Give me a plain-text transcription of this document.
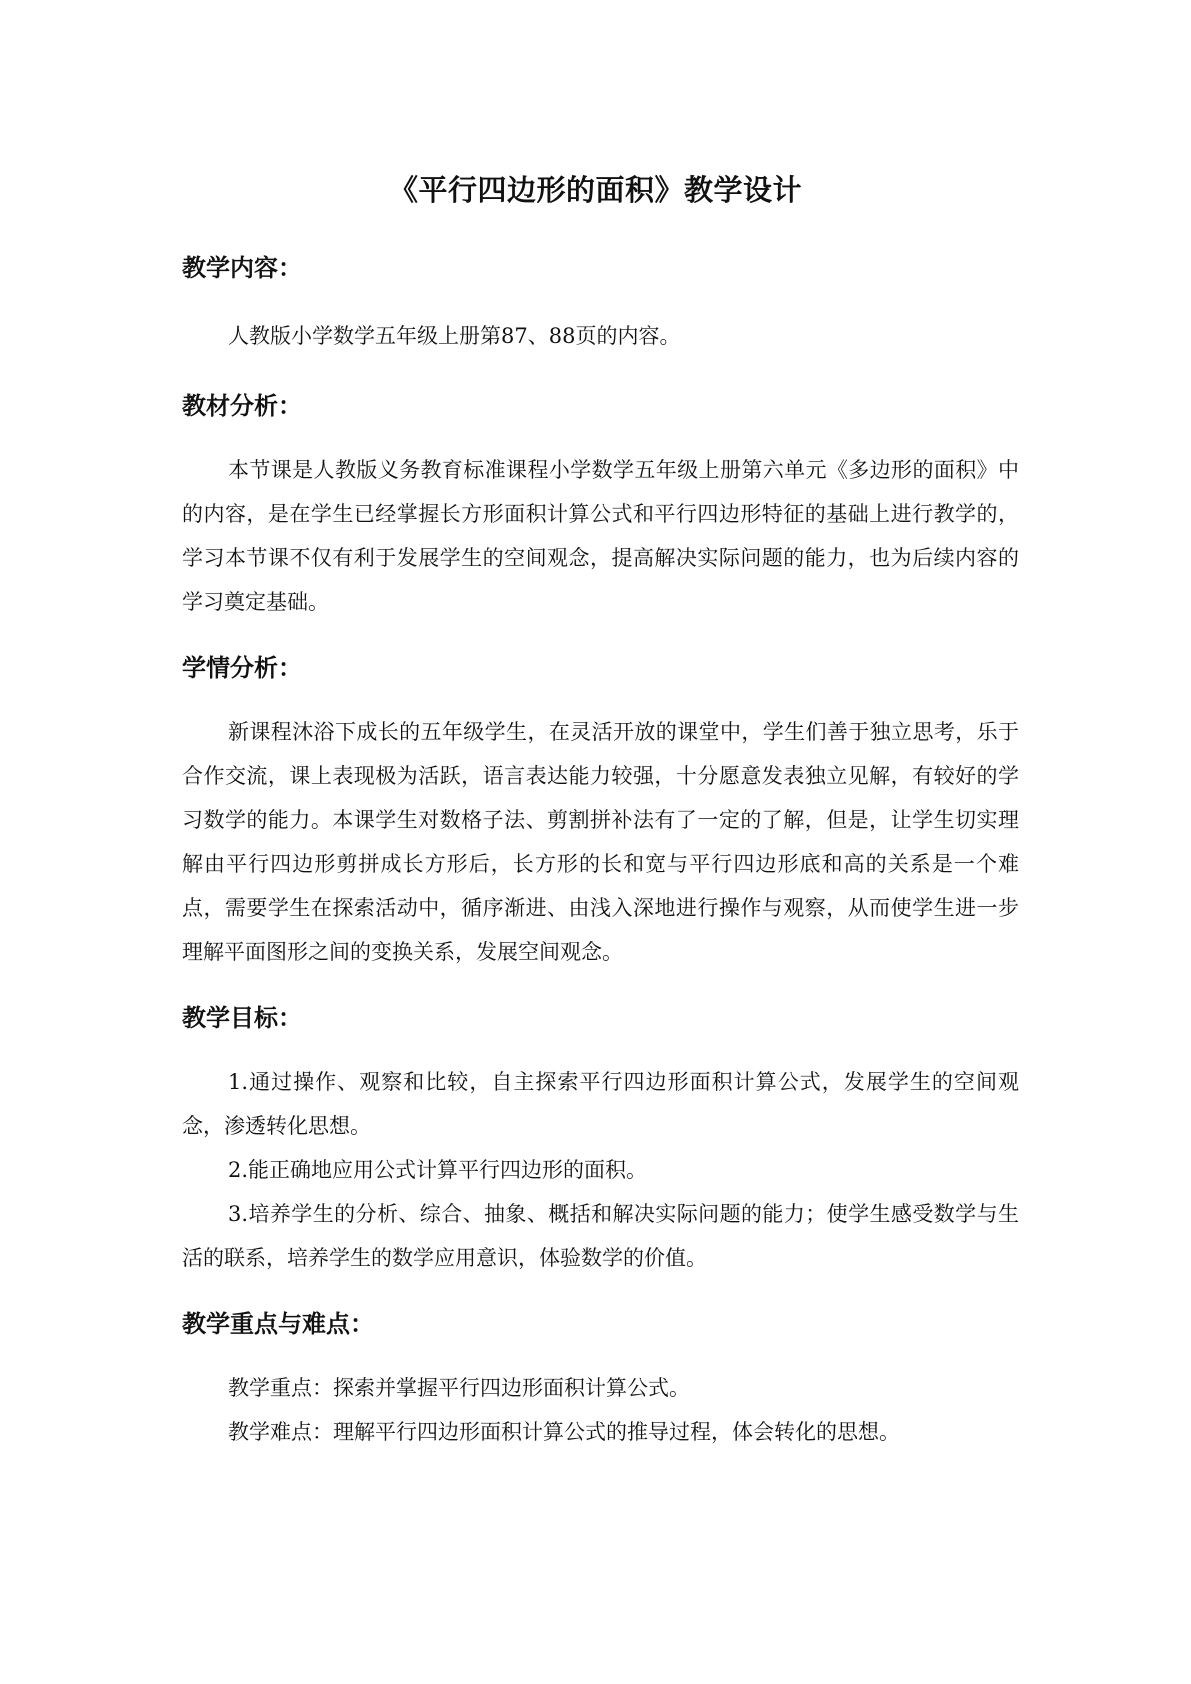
《平行四边形的面积》教学设计
教学内容：

人教版小学数学五年级上册第87、88页的内容。

教材分析：

本节课是人教版义务教育标准课程小学数学五年级上册第六单元《多边形的面积》中的内容，是在学生已经掌握长方形面积计算公式和平行四边形特征的基础上进行教学的，学习本节课不仅有利于发展学生的空间观念，提高解决实际问题的能力，也为后续内容的学习奠定基础。

学情分析：

新课程沐浴下成长的五年级学生，在灵活开放的课堂中，学生们善于独立思考，乐于合作交流，课上表现极为活跃，语言表达能力较强，十分愿意发表独立见解，有较好的学习数学的能力。本课学生对数格子法、剪割拼补法有了一定的了解，但是，让学生切实理解由平行四边形剪拼成长方形后，长方形的长和宽与平行四边形底和高的关系是一个难点，需要学生在探索活动中，循序渐进、由浅入深地进行操作与观察，从而使学生进一步理解平面图形之间的变换关系，发展空间观念。

教学目标：

1.通过操作、观察和比较，自主探索平行四边形面积计算公式，发展学生的空间观念，渗透转化思想。

2.能正确地应用公式计算平行四边形的面积。

3.培养学生的分析、综合、抽象、概括和解决实际问题的能力；使学生感受数学与生活的联系，培养学生的数学应用意识，体验数学的价值。

教学重点与难点：

教学重点：探索并掌握平行四边形面积计算公式。

教学难点：理解平行四边形面积计算公式的推导过程，体会转化的思想。
